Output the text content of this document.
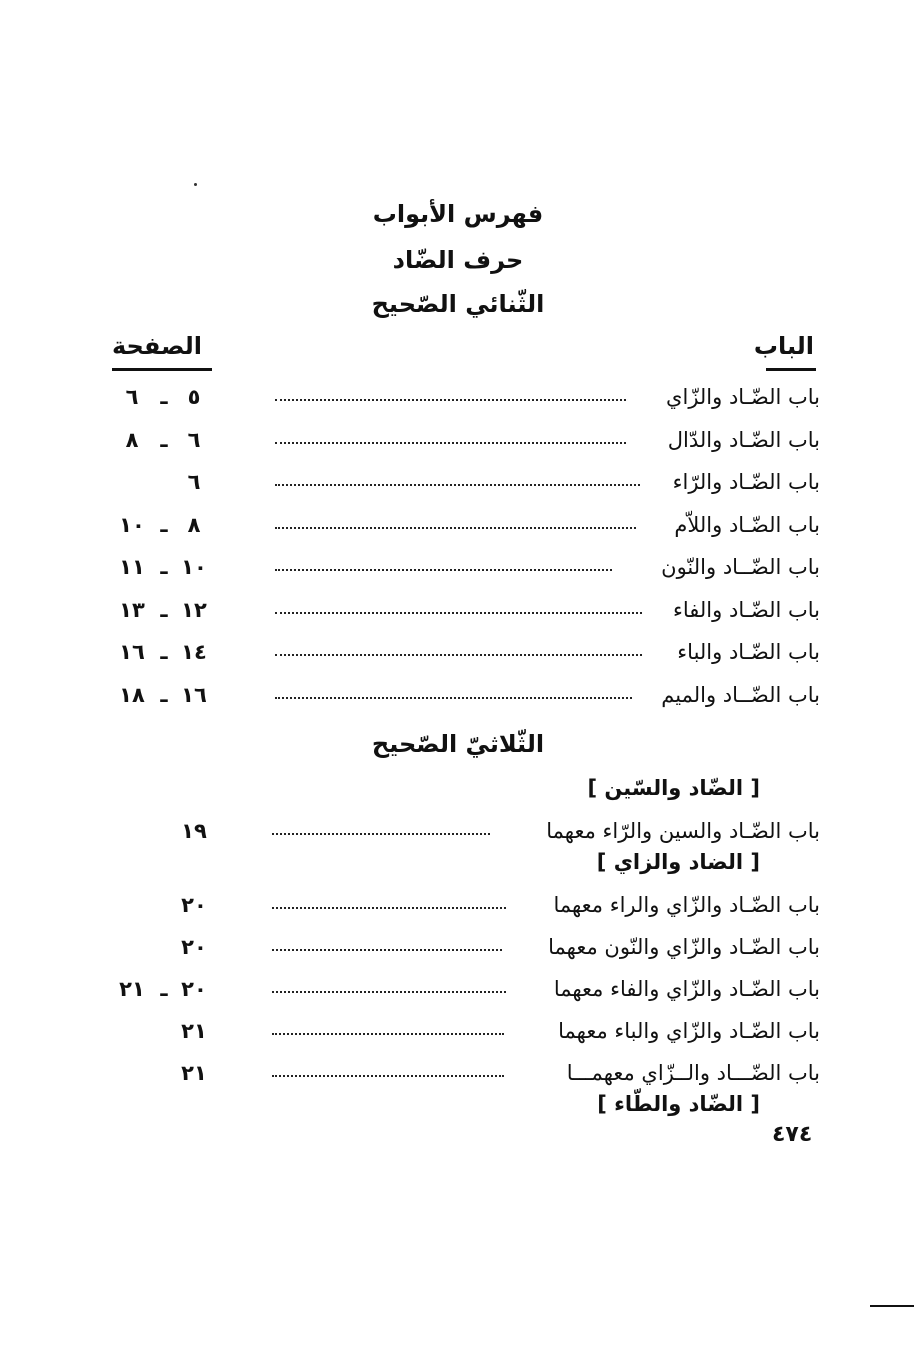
فهرس الأبواب
حرف الضّاد
الثّنائي الصّحيح
الباب
الصفحة
باب الضّـاد والزّاي
٥
ـ
٦
باب الضّـاد والدّال
٦
ـ
٨
باب الضّـاد والرّاء
٦
باب الضّـاد واللاّم
٨
ـ
١٠
باب الضّــاد والنّون
١٠
ـ
١١
باب الضّـاد والفاء
١٢
ـ
١٣
باب الضّـاد والباء
١٤
ـ
١٦
باب الضّــاد والميم
١٦
ـ
١٨
الثّلاثيّ الصّحيح
[ الضّاد والسّين ]
باب الضّـاد والسين والرّاء معهما
١٩
[ الضاد والزاي ]
باب الضّـاد والزّاي والراء معهما
٢٠
باب الضّـاد والزّاي والنّون معهما
٢٠
باب الضّـاد والزّاي والفاء معهما
٢٠
ـ
٢١
باب الضّـاد والزّاي والباء معهما
٢١
باب الضّـــاد والــزّاي معهمـــا
٢١
[ الضّاد والطّاء ]
٤٧٤
